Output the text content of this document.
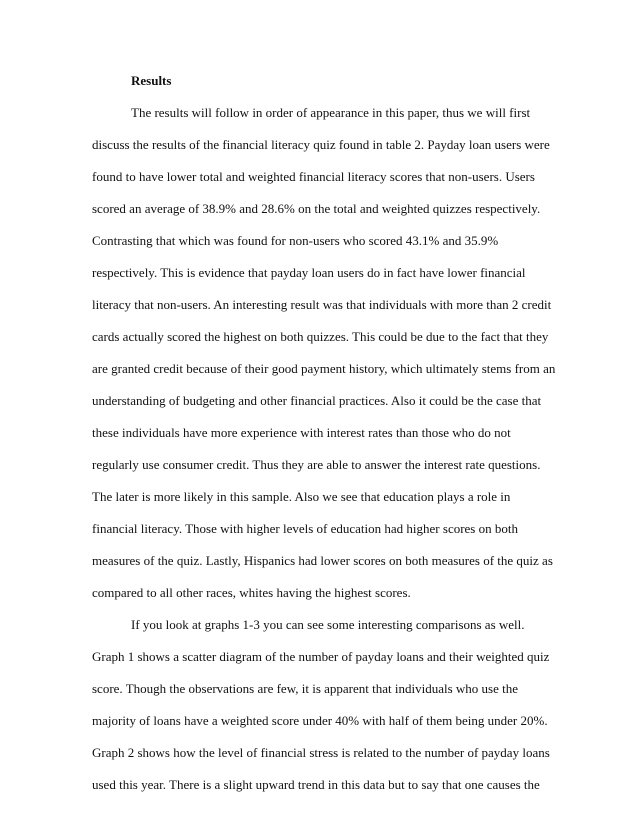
Results
The results will follow in order of appearance in this paper, thus we will first
discuss the results of the financial literacy quiz found in table 2. Payday loan users were
found to have lower total and weighted financial literacy scores that non-users. Users
scored an average of 38.9% and 28.6% on the total and weighted quizzes respectively.
Contrasting that which was found for non-users who scored 43.1% and 35.9%
respectively. This is evidence that payday loan users do in fact have lower financial
literacy that non-users. An interesting result was that individuals with more than 2 credit
cards actually scored the highest on both quizzes. This could be due to the fact that they
are granted credit because of their good payment history, which ultimately stems from an
understanding of budgeting and other financial practices. Also it could be the case that
these individuals have more experience with interest rates than those who do not
regularly use consumer credit. Thus they are able to answer the interest rate questions.
The later is more likely in this sample. Also we see that education plays a role in
financial literacy. Those with higher levels of education had higher scores on both
measures of the quiz. Lastly, Hispanics had lower scores on both measures of the quiz as
compared to all other races, whites having the highest scores.
If you look at graphs 1-3 you can see some interesting comparisons as well.
Graph 1 shows a scatter diagram of the number of payday loans and their weighted quiz
score. Though the observations are few, it is apparent that individuals who use the
majority of loans have a weighted score under 40% with half of them being under 20%.
Graph 2 shows how the level of financial stress is related to the number of payday loans
used this year. There is a slight upward trend in this data but to say that one causes the
